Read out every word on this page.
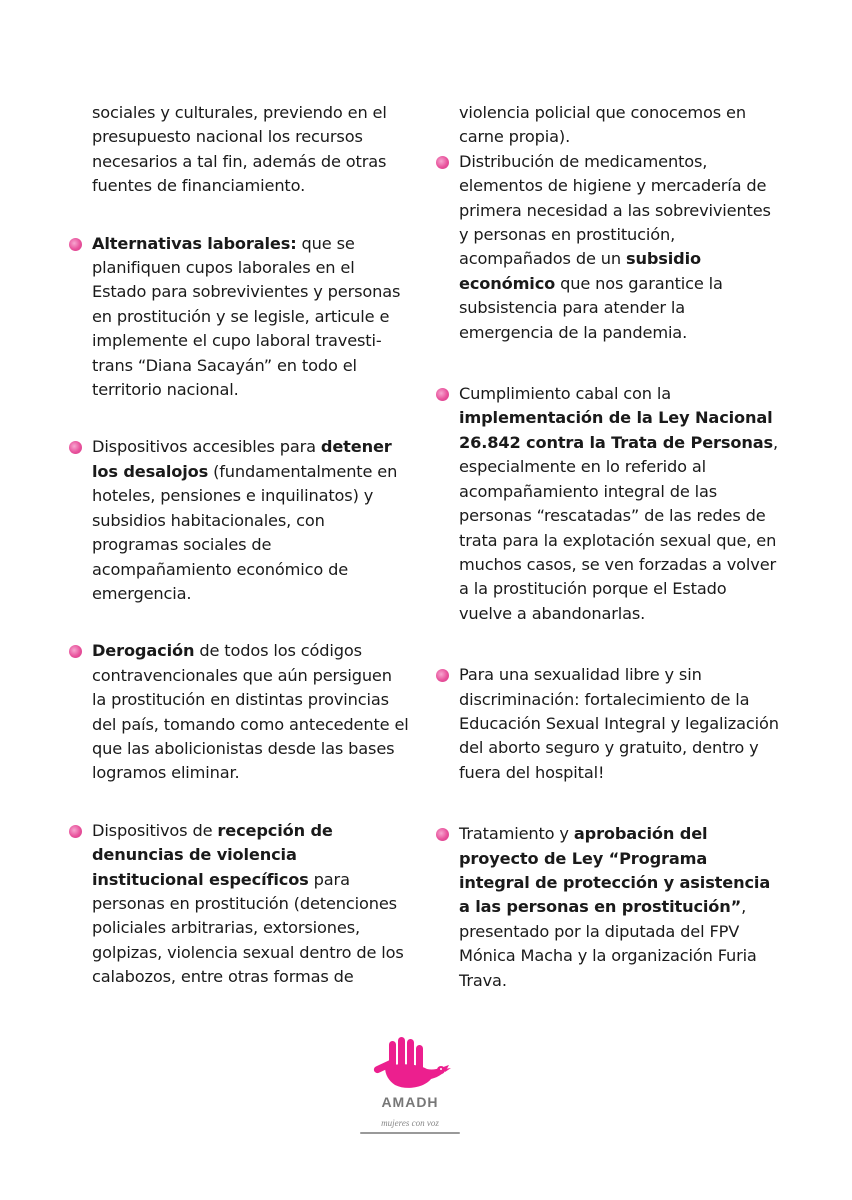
sociales y culturales, previendo en el presupuesto nacional los recursos necesarios a tal fin, además de otras fuentes de financiamiento.

Alternativas laborales: que se planifiquen cupos laborales en el Estado para sobrevivientes y personas en prostitución y se legisle, articule e implemente el cupo laboral travesti-trans “Diana Sacayán” en todo el territorio nacional.
Dispositivos accesibles para detener los desalojos (fundamentalmente en hoteles, pensiones e inquilinatos) y subsidios habitacionales, con programas sociales de acompañamiento económico de emergencia.
Derogación de todos los códigos contravencionales que aún persiguen la prostitución en distintas provincias del país, tomando como antecedente el que las abolicionistas desde las bases logramos eliminar.
Dispositivos de recepción de denuncias de violencia institucional específicos para personas en prostitución (detenciones policiales arbitrarias, extorsiones, golpizas, violencia sexual dentro de los calabozos, entre otras formas de

violencia policial que conocemos en carne propia).

Distribución de medicamentos, elementos de higiene y mercadería de primera necesidad a las sobrevivientes y personas en prostitución, acompañados de un subsidio económico que nos garantice la subsistencia para atender la emergencia de la pandemia.
Cumplimiento cabal con la implementación de la Ley Nacional 26.842 contra la Trata de Personas, especialmente en lo referido al acompañamiento integral de las personas “rescatadas” de las redes de trata para la explotación sexual que, en muchos casos, se ven forzadas a volver a la prostitución porque el Estado vuelve a abandonarlas.
Para una sexualidad libre y sin discriminación: fortalecimiento de la Educación Sexual Integral y legalización del aborto seguro y gratuito, dentro y fuera del hospital!
Tratamiento y aprobación del proyecto de Ley “Programa integral de protección y asistencia a las personas en prostitución”, presentado por la diputada del FPV Mónica Macha y la organización Furia Trava.
AMADH
mujeres con voz
